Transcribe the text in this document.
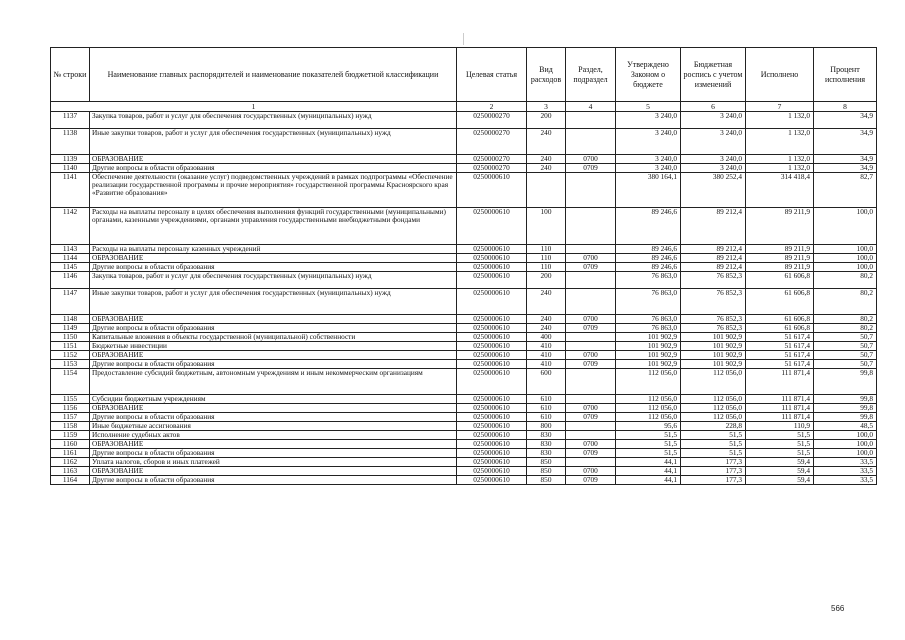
№ строки	Наименование главных распорядителей и наименование показателей бюджетной классификации	Целевая статья	Вид расходов	Раздел, подраздел	Утверждено Законом о бюджете	Бюджетная роспись с учетом изменений	Исполнено	Процент исполнения
1		2	3	4	5	6	7	8
1137	Закупка товаров, работ и услуг для обеспечения государственных (муниципальных) нужд	0250000270	200		3 240,0	3 240,0	1 132,0	34,9
1138	Иные закупки товаров, работ и услуг для обеспечения государственных (муниципальных) нужд	0250000270	240		3 240,0	3 240,0	1 132,0	34,9
1139	ОБРАЗОВАНИЕ	0250000270	240	0700	3 240,0	3 240,0	1 132,0	34,9
1140	Другие вопросы в области образования	0250000270	240	0709	3 240,0	3 240,0	1 132,0	34,9
1141	Обеспечение деятельности (оказание услуг) подведомственных учреждений в рамках подпрограммы «Обеспечение реализации государственной программы и прочие мероприятия» государственной программы Красноярского края «Развитие образования»	0250000610			380 164,1	380 252,4	314 418,4	82,7
1142	Расходы на выплаты персоналу в целях обеспечения выполнения функций государственными (муниципальными) органами, казенными учреждениями, органами управления государственными внебюджетными фондами	0250000610	100		89 246,6	89 212,4	89 211,9	100,0
1143	Расходы на выплаты персоналу казенных учреждений	0250000610	110		89 246,6	89 212,4	89 211,9	100,0
1144	ОБРАЗОВАНИЕ	0250000610	110	0700	89 246,6	89 212,4	89 211,9	100,0
1145	Другие вопросы в области образования	0250000610	110	0709	89 246,6	89 212,4	89 211,9	100,0
1146	Закупка товаров, работ и услуг для обеспечения государственных (муниципальных) нужд	0250000610	200		76 863,0	76 852,3	61 606,8	80,2
1147	Иные закупки товаров, работ и услуг для обеспечения государственных (муниципальных) нужд	0250000610	240		76 863,0	76 852,3	61 606,8	80,2
1148	ОБРАЗОВАНИЕ	0250000610	240	0700	76 863,0	76 852,3	61 606,8	80,2
1149	Другие вопросы в области образования	0250000610	240	0709	76 863,0	76 852,3	61 606,8	80,2
1150	Капитальные вложения в объекты государственной (муниципальной) собственности	0250000610	400		101 902,9	101 902,9	51 617,4	50,7
1151	Бюджетные инвестиции	0250000610	410		101 902,9	101 902,9	51 617,4	50,7
1152	ОБРАЗОВАНИЕ	0250000610	410	0700	101 902,9	101 902,9	51 617,4	50,7
1153	Другие вопросы в области образования	0250000610	410	0709	101 902,9	101 902,9	51 617,4	50,7
1154	Предоставление субсидий бюджетным, автономным учреждениям и иным некоммерческим организациям	0250000610	600		112 056,0	112 056,0	111 871,4	99,8
1155	Субсидии бюджетным учреждениям	0250000610	610		112 056,0	112 056,0	111 871,4	99,8
1156	ОБРАЗОВАНИЕ	0250000610	610	0700	112 056,0	112 056,0	111 871,4	99,8
1157	Другие вопросы в области образования	0250000610	610	0709	112 056,0	112 056,0	111 871,4	99,8
1158	Иные бюджетные ассигнования	0250000610	800		95,6	228,8	110,9	48,5
1159	Исполнение судебных актов	0250000610	830		51,5	51,5	51,5	100,0
1160	ОБРАЗОВАНИЕ	0250000610	830	0700	51,5	51,5	51,5	100,0
1161	Другие вопросы в области образования	0250000610	830	0709	51,5	51,5	51,5	100,0
1162	Уплата налогов, сборов и иных платежей	0250000610	850		44,1	177,3	59,4	33,5
1163	ОБРАЗОВАНИЕ	0250000610	850	0700	44,1	177,3	59,4	33,5
1164	Другие вопросы в области образования	0250000610	850	0709	44,1	177,3	59,4	33,5
566
